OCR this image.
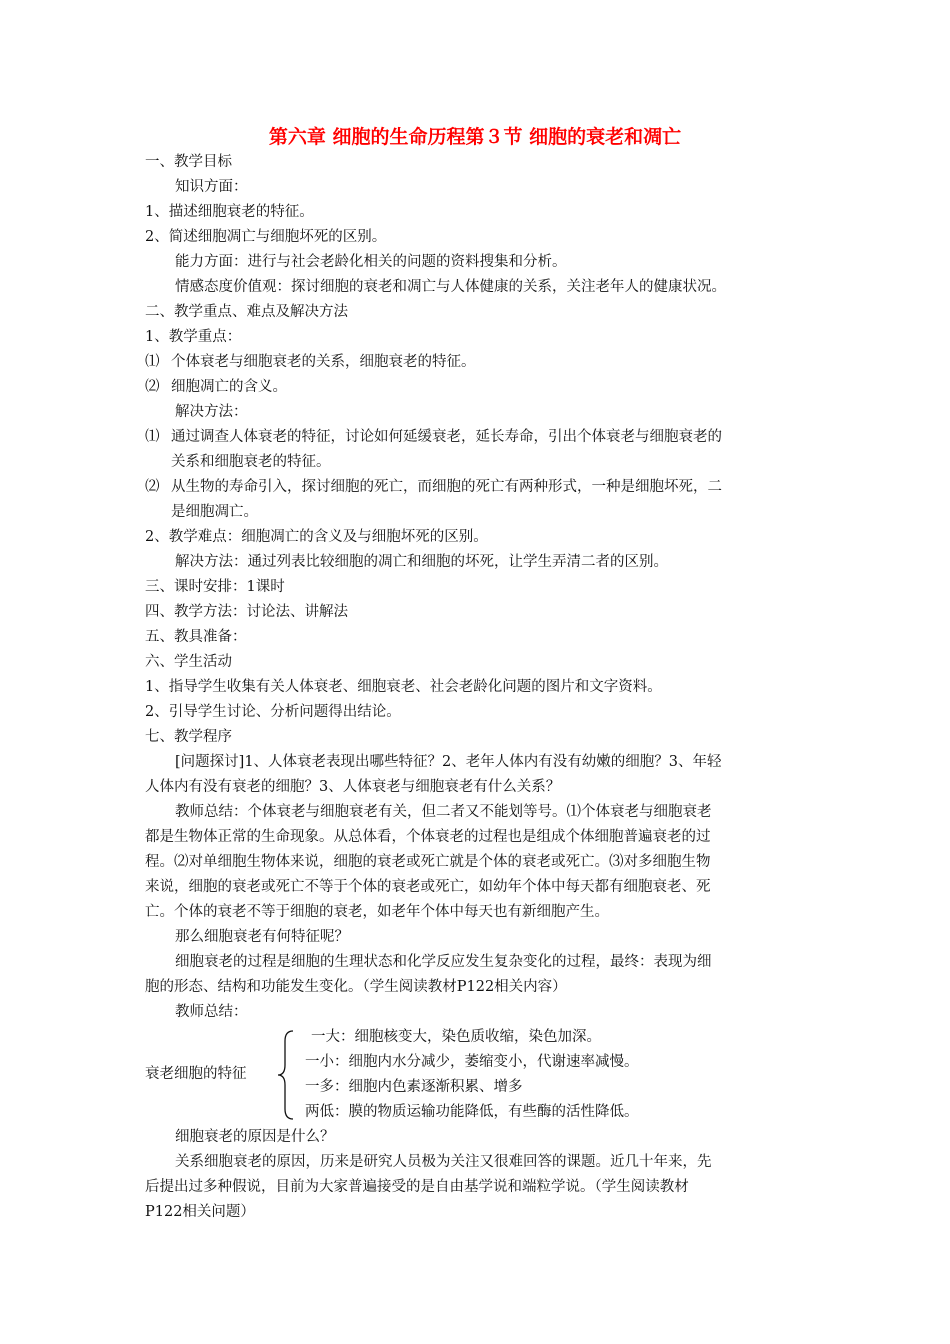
第六章 细胞的生命历程第３节 细胞的衰老和凋亡
一、教学目标
知识方面：
1、描述细胞衰老的特征。
2、简述细胞凋亡与细胞坏死的区别。
能力方面：进行与社会老龄化相关的问题的资料搜集和分析。
情感态度价值观：探讨细胞的衰老和凋亡与人体健康的关系，关注老年人的健康状况。
二、教学重点、难点及解决方法
1、教学重点：
⑴ 个体衰老与细胞衰老的关系，细胞衰老的特征。
⑵ 细胞凋亡的含义。
解决方法：
⑴ 通过调查人体衰老的特征，讨论如何延缓衰老，延长寿命，引出个体衰老与细胞衰老的
关系和细胞衰老的特征。
⑵ 从生物的寿命引入，探讨细胞的死亡，而细胞的死亡有两种形式，一种是细胞坏死，二
是细胞凋亡。
2、教学难点：细胞凋亡的含义及与细胞坏死的区别。
解决方法：通过列表比较细胞的凋亡和细胞的坏死，让学生弄清二者的区别。
三、课时安排：1课时
四、教学方法：讨论法、讲解法
五、教具准备：
六、学生活动
1、指导学生收集有关人体衰老、细胞衰老、社会老龄化问题的图片和文字资料。
2、引导学生讨论、分析问题得出结论。
七、教学程序
[问题探讨]1、人体衰老表现出哪些特征？2、老年人体内有没有幼嫩的细胞？3、年轻
人体内有没有衰老的细胞？3、人体衰老与细胞衰老有什么关系？
教师总结：个体衰老与细胞衰老有关，但二者又不能划等号。⑴个体衰老与细胞衰老
都是生物体正常的生命现象。从总体看，个体衰老的过程也是组成个体细胞普遍衰老的过
程。⑵对单细胞生物体来说，细胞的衰老或死亡就是个体的衰老或死亡。⑶对多细胞生物
来说，细胞的衰老或死亡不等于个体的衰老或死亡，如幼年个体中每天都有细胞衰老、死
亡。个体的衰老不等于细胞的衰老，如老年个体中每天也有新细胞产生。
那么细胞衰老有何特征呢？
细胞衰老的过程是细胞的生理状态和化学反应发生复杂变化的过程，最终：表现为细
胞的形态、结构和功能发生变化。（学生阅读教材P122相关内容）
教师总结：
衰老细胞的特征
一大：细胞核变大，染色质收缩，染色加深。
一小：细胞内水分减少，萎缩变小，代谢速率减慢。
一多：细胞内色素逐渐积累、增多
两低：膜的物质运输功能降低，有些酶的活性降低。
细胞衰老的原因是什么？
关系细胞衰老的原因，历来是研究人员极为关注又很难回答的课题。近几十年来，先
后提出过多种假说，目前为大家普遍接受的是自由基学说和端粒学说。（学生阅读教材
P122相关问题）
